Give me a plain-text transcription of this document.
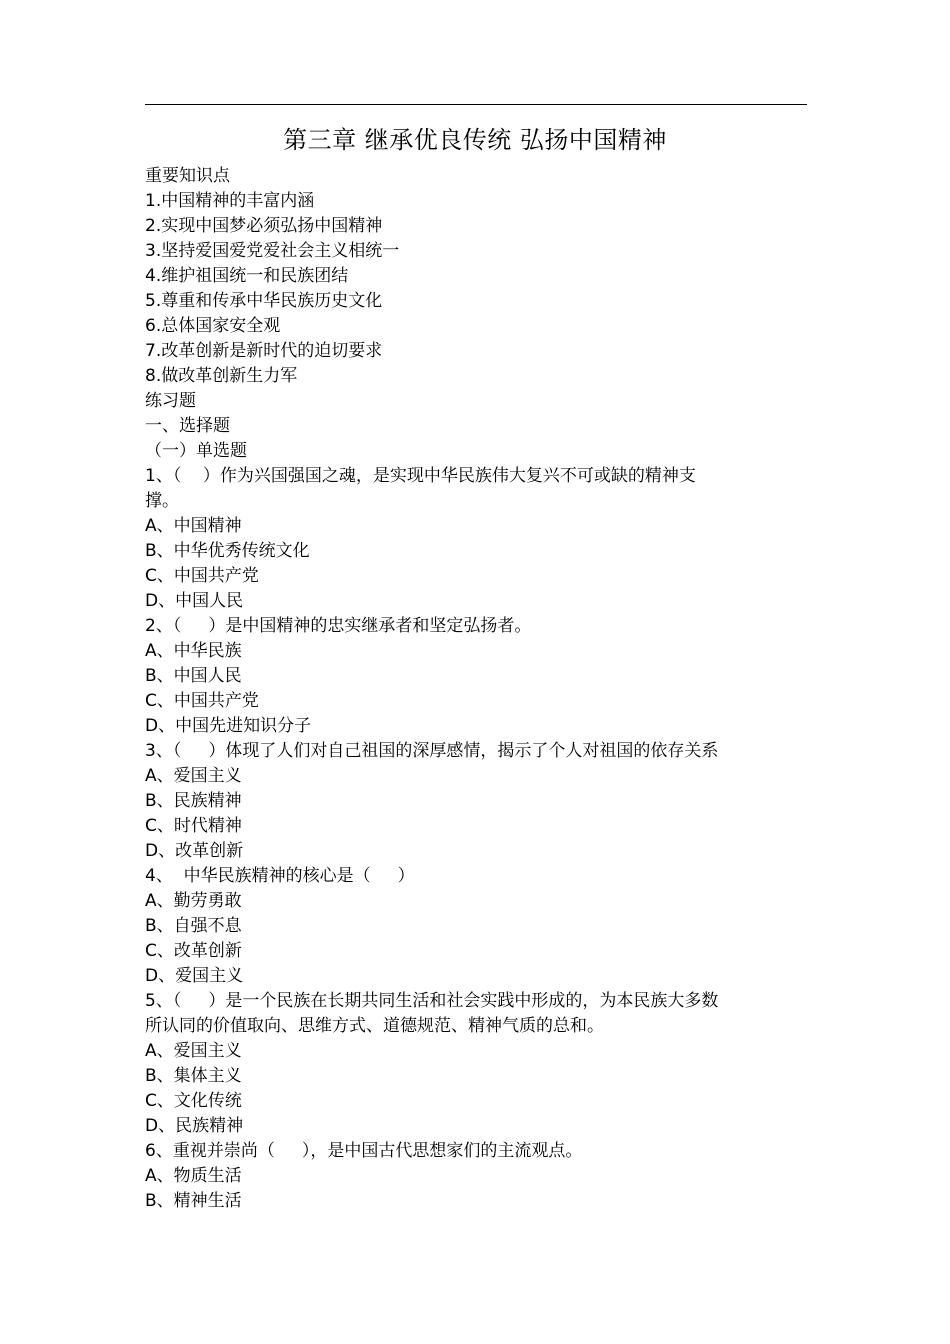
第三章 继承优良传统 弘扬中国精神

重要知识点

1.中国精神的丰富内涵

2.实现中国梦必须弘扬中国精神

3.坚持爱国爱党爱社会主义相统一

4.维护祖国统一和民族团结

5.尊重和传承中华民族历史文化

6.总体国家安全观

7.改革创新是新时代的迫切要求

8.做改革创新生力军

练习题

一、选择题

（一）单选题

1、（    ）作为兴国强国之魂，是实现中华民族伟大复兴不可或缺的精神支

撑。

A、中国精神

B、中华优秀传统文化

C、中国共产党

D、中国人民

2、（     ）是中国精神的忠实继承者和坚定弘扬者。

A、中华民族

B、中国人民

C、中国共产党

D、中国先进知识分子

3、（     ）体现了人们对自己祖国的深厚感情，揭示了个人对祖国的依存关系

A、爱国主义

B、民族精神

C、时代精神

D、改革创新

4、  中华民族精神的核心是（     ）

A、勤劳勇敢

B、自强不息

C、改革创新

D、爱国主义

5、（     ）是一个民族在长期共同生活和社会实践中形成的，为本民族大多数

所认同的价值取向、思维方式、道德规范、精神气质的总和。

A、爱国主义

B、集体主义

C、文化传统

D、民族精神

6、重视并崇尚（     ），是中国古代思想家们的主流观点。

A、物质生活

B、精神生活
